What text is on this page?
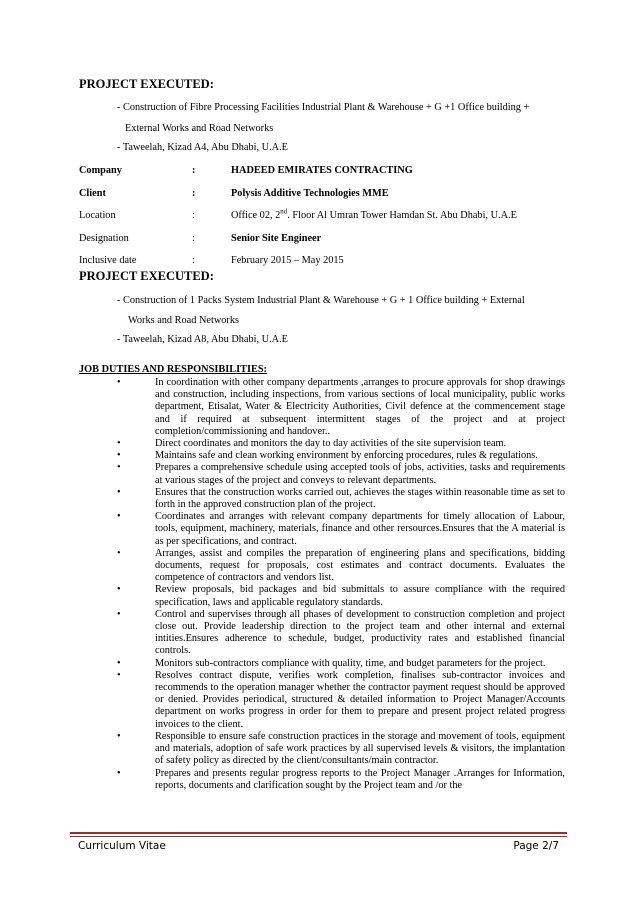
PROJECT EXECUTED:
- Construction of Fibre Processing Facilities Industrial Plant & Warehouse + G +1 Office building +
External Works and Road Networks
- Taweelah, Kizad A4, Abu Dhabi, U.A.E
Company	:	HADEED EMIRATES CONTRACTING
Client	:	Polysis Additive Technologies MME
Location	:	Office 02, 2nd. Floor Al Umran Tower Hamdan St. Abu Dhabi, U.A.E
Designation	:	Senior Site Engineer
Inclusive date	:	February 2015 – May 2015
PROJECT EXECUTED:
- Construction of 1 Packs System Industrial Plant & Warehouse + G + 1 Office building + External
Works and Road Networks
- Taweelah, Kizad A8, Abu Dhabi, U.A.E
JOB DUTIES AND RESPONSIBILITIES:
•	In coordination with other company departments ,arranges to procure approvals for shop drawings and construction, including inspections, from various sections of local municipality, public works department, Etisalat, Water & Electricity Authorities, Civil defence at the commencement stage and if required at subsequent intermittent stages of the project and at project completion/commissioning and handover..
•	Direct coordinates and monitors the day to day activities of the site supervision team.
•	Maintains safe and clean working environment by enforcing procedures, rules & regulations.
•	Prepares a comprehensive schedule using accepted tools of jobs, activities, tasks and requirements at various stages of the project and conveys to relevant departments.
•	Ensures that the construction works carried out, achieves the stages within reasonable time as set to forth in the approved construction plan of the project.
•	Coordinates and arranges with relevant company departments for timely allocation of Labour, tools, equipment, machinery, materials, finance and other rersources.Ensures that the A material is as per specifications, and contract.
•	Arranges, assist and compiles the preparation of engineering plans and specifications, bidding documents, request for proposals, cost estimates and contract documents. Evaluates the competence of contractors and vendors list.
•	Review proposals, bid packages and bid submittals to assure compliance with the required specification, laws and applicable regulatory standards.
•	Control and supervises through all phases of development to construction completion and project close out. Provide leadership direction to the project team and other internal and external intities.Ensures adherence to schedule, budget, productivity rates and established financial controls.
•	Monitors sub-contractors compliance with quality, time, and budget parameters for the project.
•	Resolves contract dispute, verifies work completion, finalises sub-contractor invoices and recommends to the operation manager whether the contractor payment request should be approved or denied. Provides periodical, structured & detailed information to Project Manager/Accounts department on works progress in order for them to prepare and present project related progress invoices to the client.
•	Responsible to ensure safe construction practices in the storage and movement of tools, equipment and materials, adoption of safe work practices by all supervised levels & visitors, the implantation of safety policy as directed by the client/consultants/main contractor.
•	Prepares and presents regular progress reports to the Project Manager .Arranges for Information, reports, documents and clarification sought by the Project team and /or the
Curriculum Vitae	Page 2/7
